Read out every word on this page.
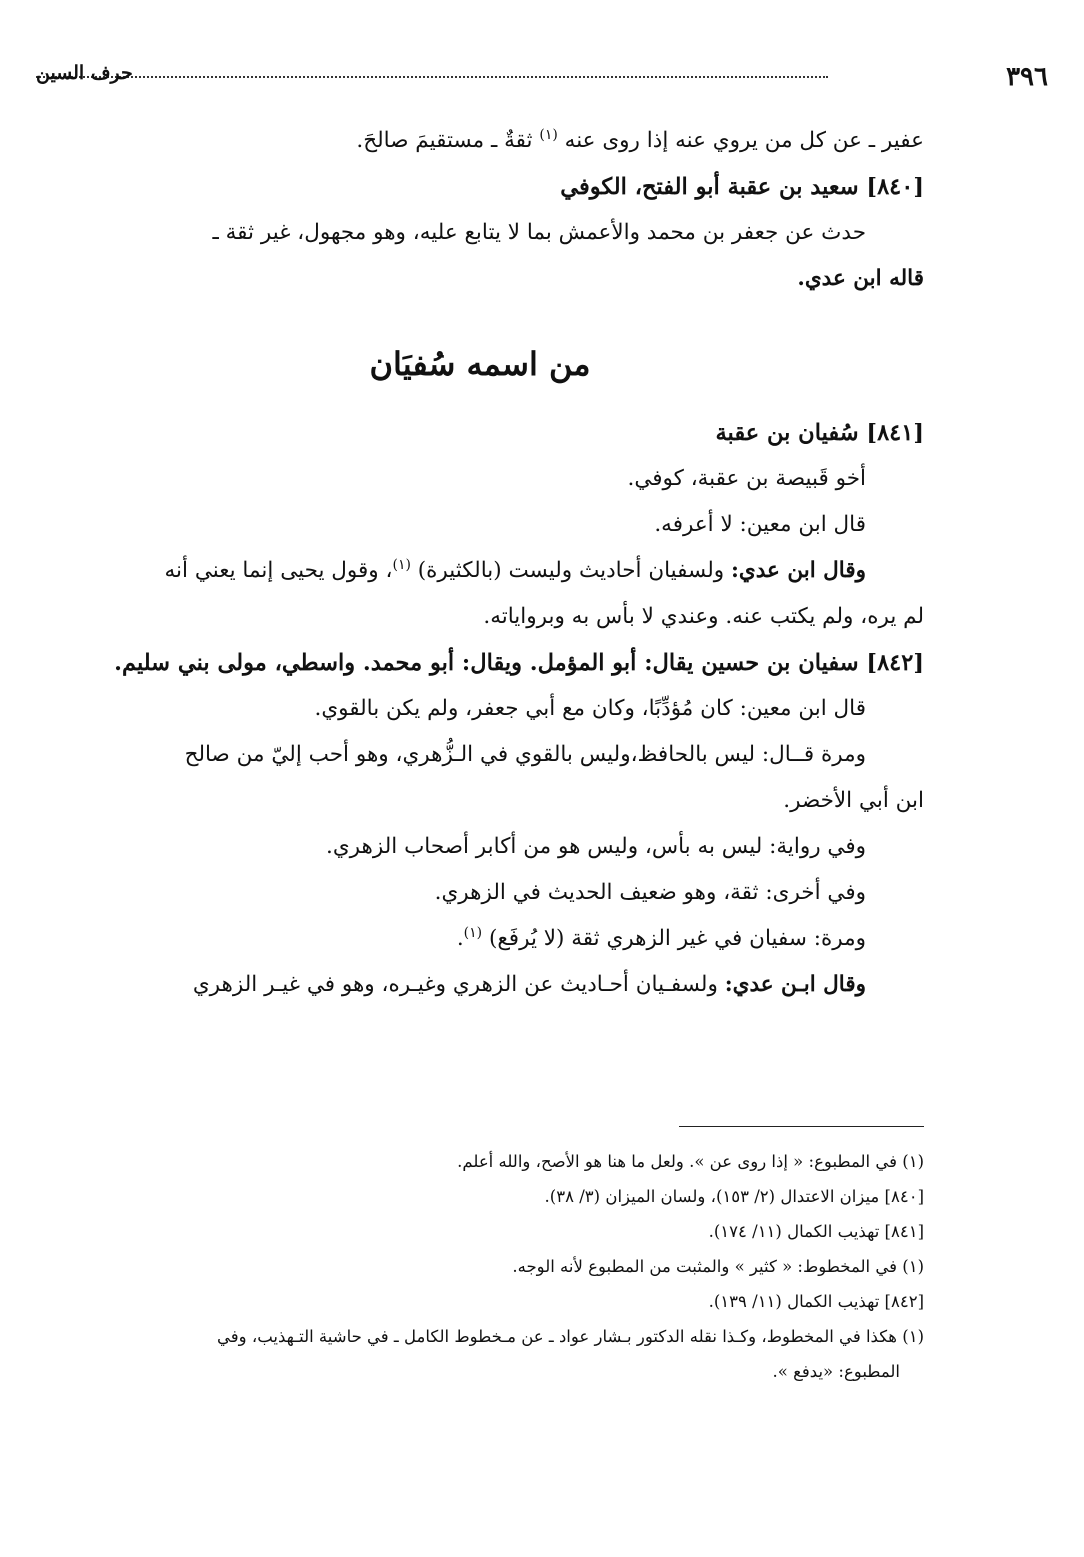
٣٩٦
حرف السين
عفير ـ عن كل من يروي عنه إذا روى عنه $^{(١)}$ ثقةٌ ـ مستقيمَ صالحَ.
[٨٤٠] سعيد بن عقبة أبو الفتح، الكوفي
حدث عن جعفر بن محمد والأعمش بما لا يتابع عليه، وهو مجهول، غير ثقة ـ
قاله ابن عدي.
من اسمه سُفيَان
[٨٤١] سُفيان بن عقبة
أخو قَبيصة بن عقبة، كوفي.
قال ابن معين: لا أعرفه.
وقال ابن عدي: ولسفيان أحاديث وليست (بالكثيرة) $^{(١)}$، وقول يحيى إنما يعني أنه
لم يره، ولم يكتب عنه. وعندي لا بأس به وبرواياته.
[٨٤٢] سفيان بن حسين يقال: أبو المؤمل. ويقال: أبو محمد. واسطي، مولى بني سليم.
قال ابن معين: كان مُؤدِّبًا، وكان مع أبي جعفر، ولم يكن بالقوي.
ومرة قــال: ليس بالحافظ،وليس بالقوي في الـزُّهري، وهو أحب إليّ من صالح
ابن أبي الأخضر.
وفي رواية: ليس به بأس، وليس هو من أكابر أصحاب الزهري.
وفي أخرى: ثقة، وهو ضعيف الحديث في الزهري.
ومرة: سفيان في غير الزهري ثقة (لا يُرفَع) $^{(١)}$.
وقال ابـن عدي: ولسفـيان أحـاديث عن الزهري وغيـره، وهو في غيـر الزهري
(١) في المطبوع: « إذا روى عن ». ولعل ما هنا هو الأصح، والله أعلم.
[٨٤٠] ميزان الاعتدال (٢/ ١٥٣)، ولسان الميزان (٣/ ٣٨).
[٨٤١] تهذيب الكمال (١١/ ١٧٤).
(١) في المخطوط: « كثير » والمثبت من المطبوع لأنه الوجه.
[٨٤٢] تهذيب الكمال (١١/ ١٣٩).
(١) هكذا في المخطوط، وكـذا نقله الدكتور بـشار عواد ـ عن مـخطوط الكامل ـ في حاشية التـهذيب، وفي
المطبوع: «يدفع ».
